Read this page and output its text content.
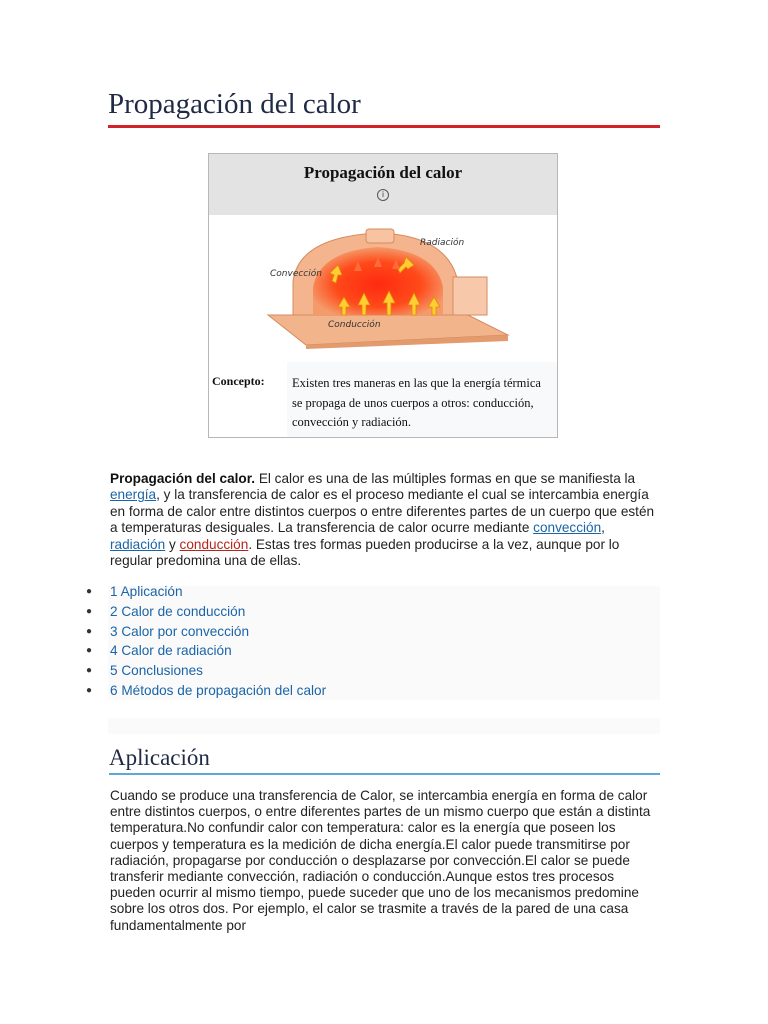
Propagación del calor
Propagación del calor
i
Radiación
Convección
Conducción
Concepto:	Existen tres maneras en las que la energía térmica se propaga de unos cuerpos a otros: conducción, convección y radiación.

Propagación del calor. El calor es una de las múltiples formas en que se manifiesta la energía, y la transferencia de calor es el proceso mediante el cual se intercambia energía en forma de calor entre distintos cuerpos o entre diferentes partes de un cuerpo que estén a temperaturas desiguales. La transferencia de calor ocurre mediante convección, radiación y conducción. Estas tres formas pueden producirse a la vez, aunque por lo regular predomina una de ellas.

● 1 Aplicación
● 2 Calor de conducción
● 3 Calor por convección
● 4 Calor de radiación
● 5 Conclusiones
● 6 Métodos de propagación del calor
Aplicación

Cuando se produce una transferencia de Calor, se intercambia energía en forma de calor entre distintos cuerpos, o entre diferentes partes de un mismo cuerpo que están a distinta temperatura.No confundir calor con temperatura: calor es la energía que poseen los cuerpos y temperatura es la medición de dicha energía.El calor puede transmitirse por radiación, propagarse por conducción o desplazarse por convección.El calor se puede transferir mediante convección, radiación o conducción.Aunque estos tres procesos pueden ocurrir al mismo tiempo, puede suceder que uno de los mecanismos predomine sobre los otros dos. Por ejemplo, el calor se trasmite a través de la pared de una casa fundamentalmente por
